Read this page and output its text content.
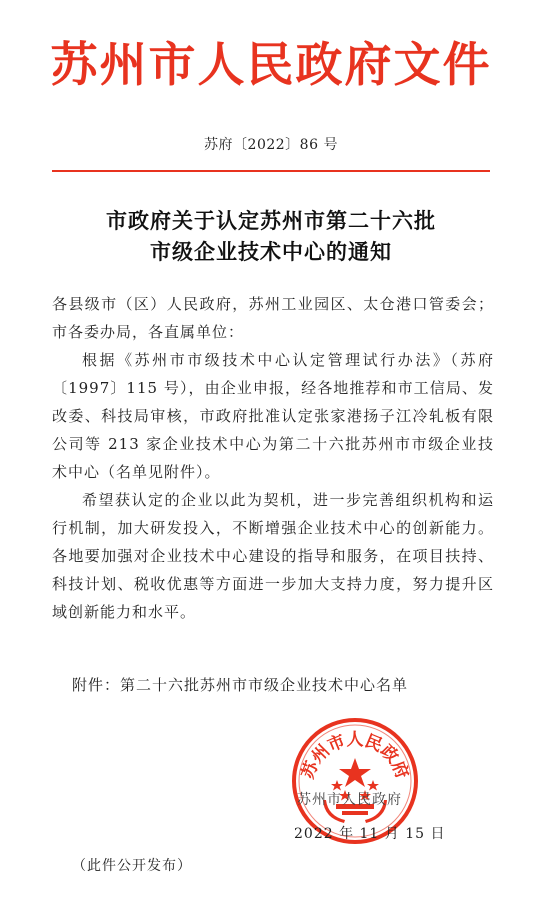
苏州市人民政府文件
苏府〔2022〕86 号
市政府关于认定苏州市第二十六批
市级企业技术中心的通知
各县级市（区）人民政府，苏州工业园区、太仓港口管委会；市各委办局，各直属单位：
根据《苏州市市级技术中心认定管理试行办法》（苏府〔1997〕115 号），由企业申报，经各地推荐和市工信局、发改委、科技局审核，市政府批准认定张家港扬子江冷轧板有限公司等 213 家企业技术中心为第二十六批苏州市市级企业技术中心（名单见附件）。
希望获认定的企业以此为契机，进一步完善组织机构和运行机制，加大研发投入，不断增强企业技术中心的创新能力。各地要加强对企业技术中心建设的指导和服务，在项目扶持、科技计划、税收优惠等方面进一步加大支持力度，努力提升区域创新能力和水平。
附件：第二十六批苏州市市级企业技术中心名单
苏州市人民政府
苏州市人民政府
2022 年 11 月 15 日
（此件公开发布）
